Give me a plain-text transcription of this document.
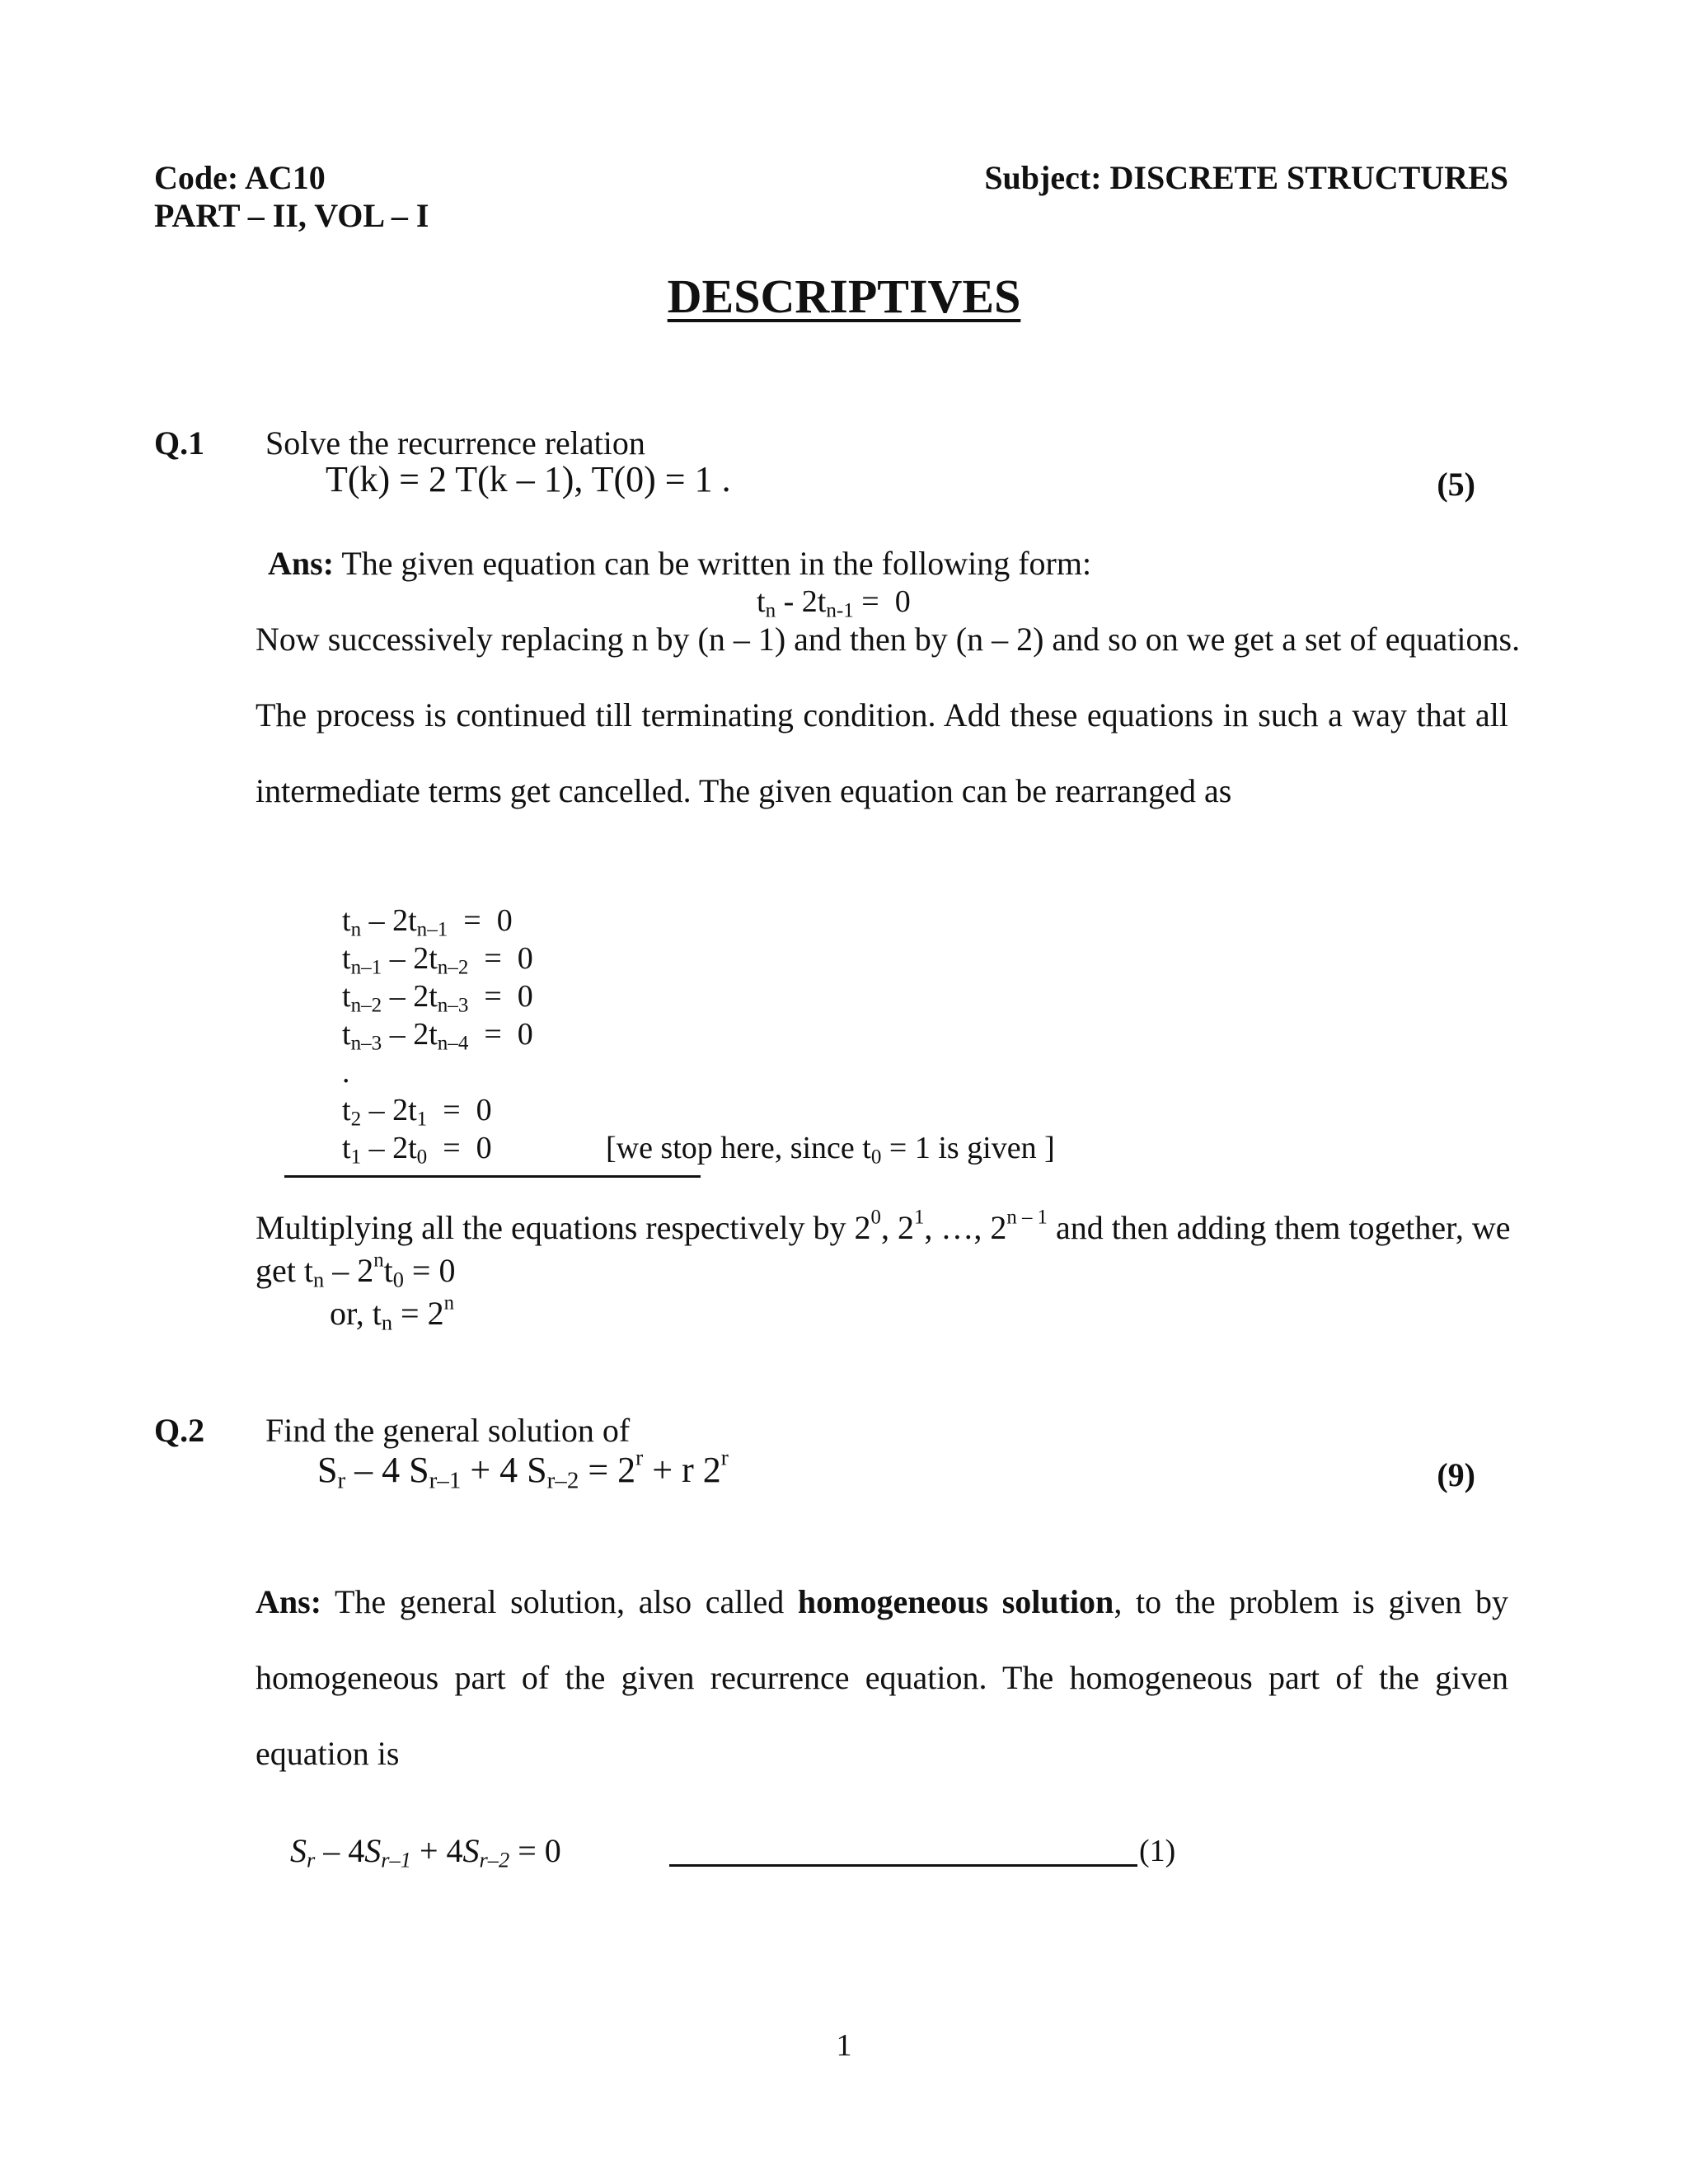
Code: AC10	Subject: DISCRETE STRUCTURES
PART – II, VOL – I
DESCRIPTIVES
Q.1 Solve the recurrence relation
T(k) = 2 T(k – 1), T(0) = 1 .	(5)
Ans: The given equation can be written in the following form:
$t_n - 2t_{n-1} = 0$
Now successively replacing n by (n – 1) and then by (n – 2) and so on we get a set of equations.
The process is continued till terminating condition. Add these equations in such a way that all
intermediate terms get cancelled. The given equation can be rearranged as
$t_n - 2t_{n-1} = 0$
$t_{n-1} - 2t_{n-2} = 0$
$t_{n-2} - 2t_{n-3} = 0$
$t_{n-3} - 2t_{n-4} = 0$
.
$t_2 - 2t_1 = 0$
$t_1 - 2t_0 = 0$	[we stop here, since $t_0 = 1$ is given ]
Multiplying all the equations respectively by $2^0$, $2^1$, …, 2$^{n - 1}$ and then adding them together, we
get $t_n - 2^nt_0 = 0$
or, $t_n = 2^n$
Q.2 Find the general solution of
$S_r - 4$ $S_{r-1} + 4$ $S_{r-2} = 2^r + r$ 2$^r$	(9)
Ans: The general solution, also called homogeneous solution, to the problem is given by
homogeneous part of the given recurrence equation. The homogeneous part of the given
equation is
$S_r - 4S_{r-1} + 4S_{r-2} = 0$	(1)
1
